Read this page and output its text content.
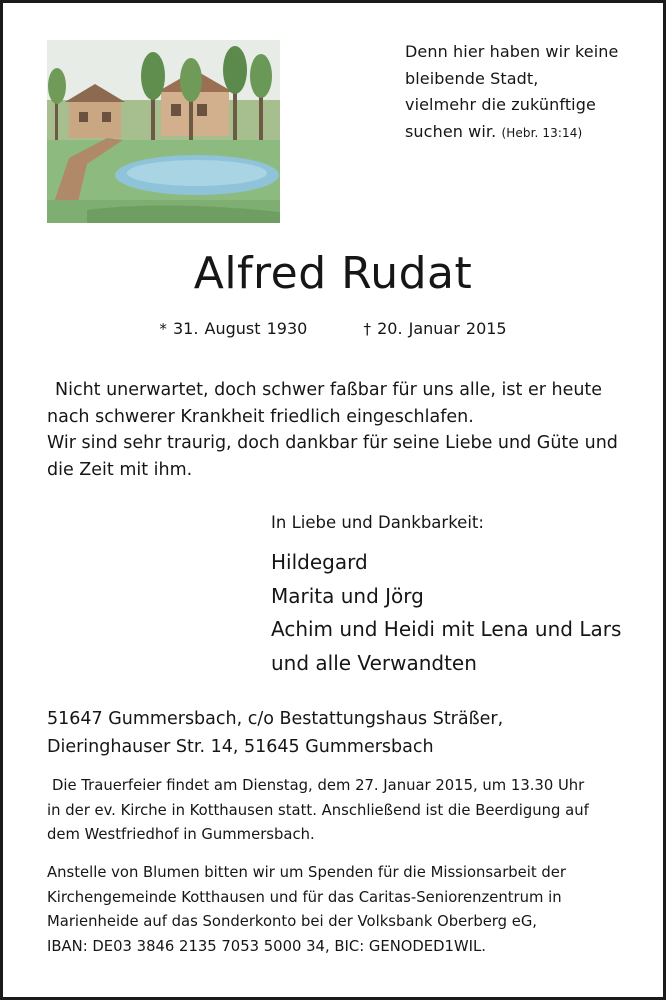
Denn hier haben wir keine
bleibende Stadt,
vielmehr die zukünftige
suchen wir. (Hebr. 13:14)
Alfred Rudat
* 31. August 1930	† 20. Januar 2015
Nicht unerwartet, doch schwer faßbar für uns alle, ist er heute
nach schwerer Krankheit friedlich eingeschlafen.
Wir sind sehr traurig, doch dankbar für seine Liebe und Güte und
die Zeit mit ihm.
In Liebe und Dankbarkeit:
Hildegard
Marita und Jörg
Achim und Heidi mit Lena und Lars
und alle Verwandten
51647 Gummersbach, c/o Bestattungshaus Sträßer,
Dieringhauser Str. 14, 51645 Gummersbach
Die Trauerfeier findet am Dienstag, dem 27. Januar 2015, um 13.30 Uhr
in der ev. Kirche in Kotthausen statt. Anschließend ist die Beerdigung auf
dem Westfriedhof in Gummersbach.
Anstelle von Blumen bitten wir um Spenden für die Missionsarbeit der
Kirchengemeinde Kotthausen und für das Caritas-Seniorenzentrum in
Marienheide auf das Sonderkonto bei der Volksbank Oberberg eG,
IBAN: DE03 3846 2135 7053 5000 34, BIC: GENODED1WIL.
